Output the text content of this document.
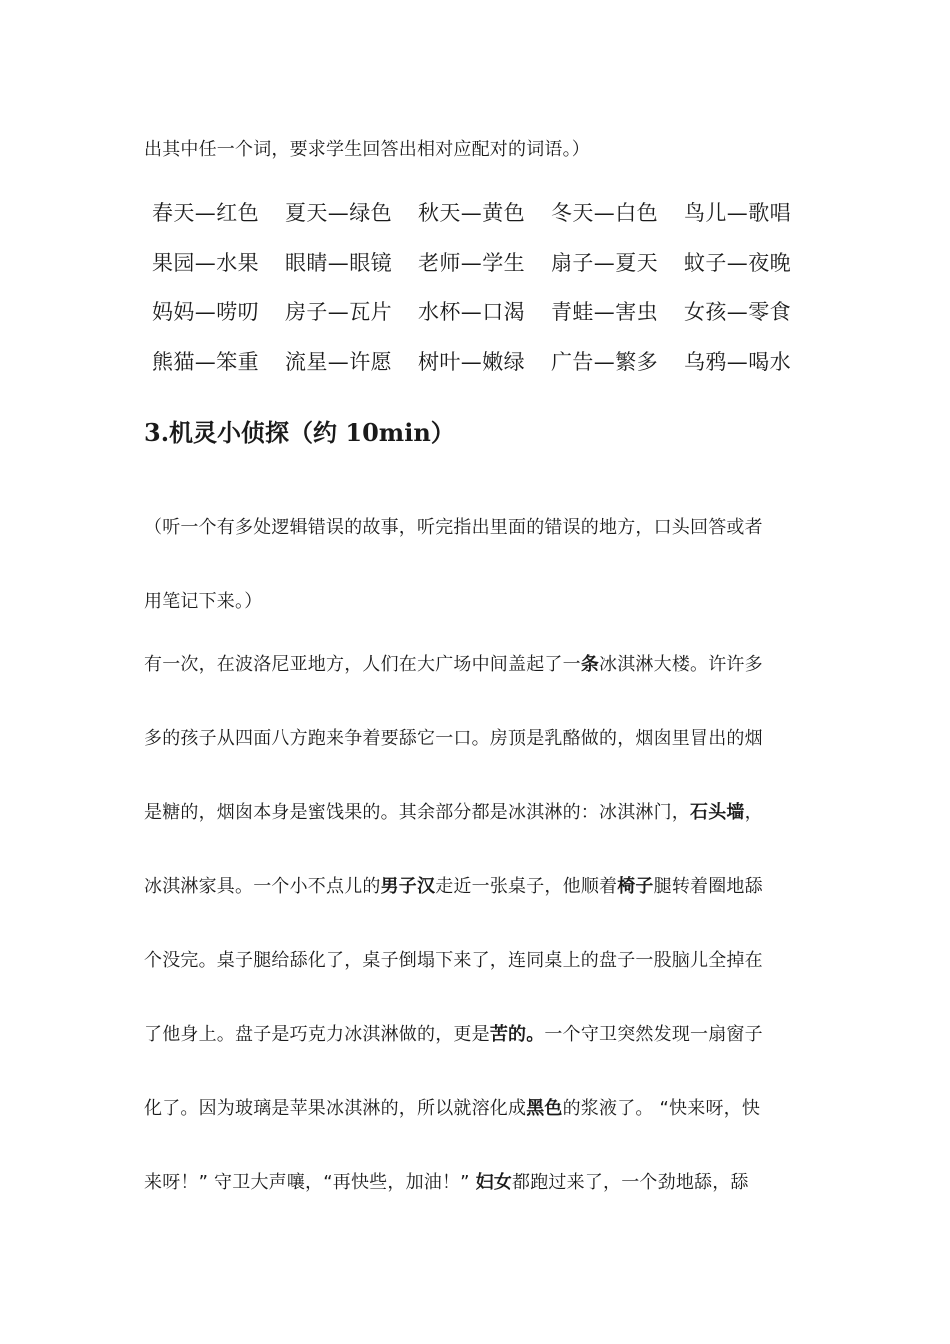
出其中任一个词，要求学生回答出相对应配对的词语。）
春天—红色 夏天—绿色 秋天—黄色 冬天—白色 鸟儿—歌唱
果园—水果 眼睛—眼镜 老师—学生 扇子—夏天 蚊子—夜晚
妈妈—唠叨 房子—瓦片 水杯—口渴 青蛙—害虫 女孩—零食
熊猫—笨重 流星—许愿 树叶—嫩绿 广告—繁多 乌鸦—喝水
3.机灵小侦探（约 10min）
（听一个有多处逻辑错误的故事，听完指出里面的错误的地方，口头回答或者
用笔记下来。）
有一次，在波洛尼亚地方，人们在大广场中间盖起了一条冰淇淋大楼。许许多
多的孩子从四面八方跑来争着要舔它一口。房顶是乳酪做的，烟囱里冒出的烟
是糖的，烟囱本身是蜜饯果的。其余部分都是冰淇淋的：冰淇淋门，石头墙，
冰淇淋家具。一个小不点儿的男子汉走近一张桌子，他顺着椅子腿转着圈地舔
个没完。桌子腿给舔化了，桌子倒塌下来了，连同桌上的盘子一股脑儿全掉在
了他身上。盘子是巧克力冰淇淋做的，更是苦的。一个守卫突然发现一扇窗子
化了。因为玻璃是苹果冰淇淋的，所以就溶化成黑色的浆液了。 “快来呀，快
来呀！” 守卫大声嚷，“再快些，加油！” 妇女都跑过来了，一个劲地舔，舔
